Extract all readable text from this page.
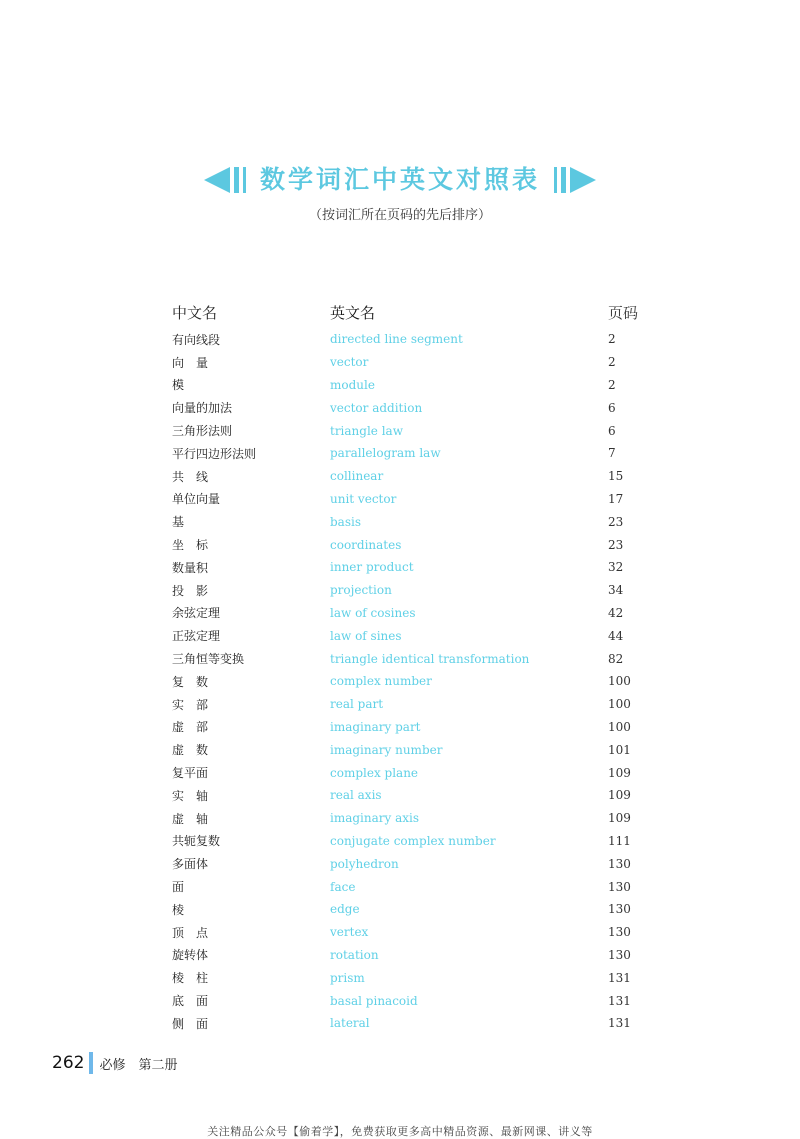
数学词汇中英文对照表
（按词汇所在页码的先后排序）
中文名	英文名	页码
有向线段	directed line segment	2
向　量	vector	2
模	module	2
向量的加法	vector addition	6
三角形法则	triangle law	6
平行四边形法则	parallelogram law	7
共　线	collinear	15
单位向量	unit vector	17
基	basis	23
坐　标	coordinates	23
数量积	inner product	32
投　影	projection	34
余弦定理	law of cosines	42
正弦定理	law of sines	44
三角恒等变换	triangle identical transformation	82
复　数	complex number	100
实　部	real part	100
虚　部	imaginary part	100
虚　数	imaginary number	101
复平面	complex plane	109
实　轴	real axis	109
虚　轴	imaginary axis	109
共轭复数	conjugate complex number	111
多面体	polyhedron	130
面	face	130
棱	edge	130
顶　点	vertex	130
旋转体	rotation	130
棱　柱	prism	131
底　面	basal pinacoid	131
侧　面	lateral	131
262 必修　第二册
关注精品公众号【偷着学】，免费获取更多高中精品资源、最新网课、讲义等
